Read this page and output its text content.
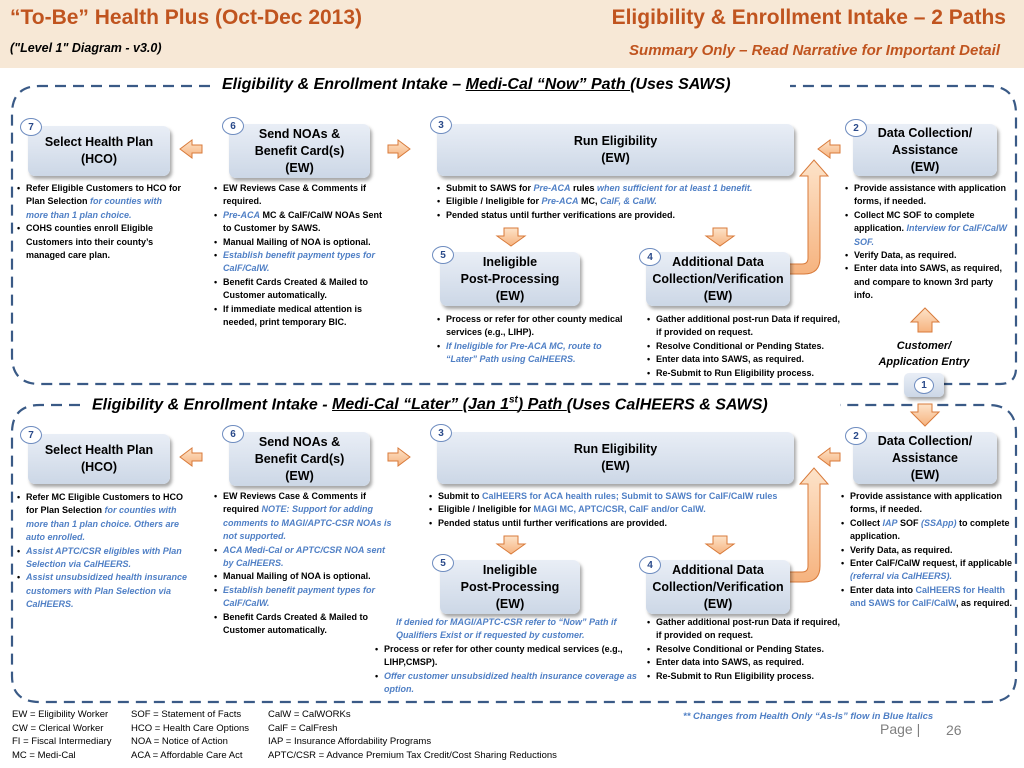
“To-Be” Health Plus (Oct-Dec 2013)
("Level 1" Diagram - v3.0)
Eligibility & Enrollment Intake – 2 Paths
Summary Only – Read Narrative for Important Detail
Eligibility & Enrollment Intake – Medi-Cal “Now” Path (Uses SAWS)
Select Health Plan
(HCO)
7	Send NOAs &
Benefit Card(s)
(EW)
6
Run Eligibility
(EW)
3
Data Collection/
Assistance
(EW)
2
Ineligible
Post-Processing
(EW)
5	Additional Data
Collection/Verification
(EW)
4
• Refer Eligible Customers to HCO for Plan Selection for counties with more than 1 plan choice.
• COHS counties enroll Eligible Customers into their county’s managed care plan.
• EW Reviews Case & Comments if required.
• Pre-ACA MC & CalF/CalW NOAs Sent to Customer by SAWS.
• Manual Mailing of NOA is optional.
• Establish benefit payment types for CalF/CalW.
• Benefit Cards Created & Mailed to Customer automatically.
• If immediate medical attention is needed, print temporary BIC.
• Submit to SAWS for Pre-ACA rules when sufficient for at least 1 benefit.
• Eligible / Ineligible for Pre-ACA MC, CalF, & CalW.
• Pended status until further verifications are provided.
• Provide assistance with application forms, if needed.
• Collect MC SOF to complete application. Interview for CalF/CalW SOF.
• Verify Data, as required.
• Enter data into SAWS, as required, and compare to known 3rd party info.
• Process or refer for other county medical services (e.g., LIHP).
• If Ineligible for Pre-ACA MC, route to “Later” Path using CalHEERS.
• Gather additional post-run Data if required, if provided on request.
• Resolve Conditional or Pending States.
• Enter data into SAWS, as required.
• Re-Submit to Run Eligibility process.
Customer/
Application Entry
1
Eligibility & Enrollment Intake - Medi-Cal “Later” (Jan 1st) Path (Uses CalHEERS & SAWS)
Select Health Plan
(HCO)
7	Send NOAs &
Benefit Card(s)
(EW)
6
Run Eligibility
(EW)
3
Data Collection/
Assistance
(EW)
2
Ineligible
Post-Processing
(EW)
5	Additional Data
Collection/Verification
(EW)
4
• Refer MC Eligible Customers to HCO for Plan Selection for counties with more than 1 plan choice. Others are auto enrolled.
• Assist APTC/CSR eligibles with Plan Selection via CalHEERS.
• Assist unsubsidized health insurance customers with Plan Selection via CalHEERS.
• EW Reviews Case & Comments if required NOTE: Support for adding comments to MAGI/APTC-CSR NOAs is not supported.
• ACA Medi-Cal or APTC/CSR NOA sent by CalHEERS.
• Manual Mailing of NOA is optional.
• Establish benefit payment types for CalF/CalW.
• Benefit Cards Created & Mailed to Customer automatically.
• Submit to CalHEERS for ACA health rules; Submit to SAWS for CalF/CalW rules
• Eligible / Ineligible for MAGI MC, APTC/CSR, CalF and/or CalW.
• Pended status until further verifications are provided.
• Provide assistance with application forms, if needed.
• Collect IAP SOF (SSApp) to complete application.
• Verify Data, as required.
• Enter CalF/CalW request, if applicable (referral via CalHEERS).
• Enter data into CalHEERS for Health and SAWS for CalF/CalW, as required.
If denied for MAGI/APTC-CSR refer to “Now” Path if Qualifiers Exist or if requested by customer.
• Process or refer for other county medical services (e.g., LIHP,CMSP).
• Offer customer unsubsidized health insurance coverage as option.
• Gather additional post-run Data if required, if provided on request.
• Resolve Conditional or Pending States.
• Enter data into SAWS, as required.
• Re-Submit to Run Eligibility process.
EW = Eligibility Worker
CW = Clerical Worker
FI = Fiscal Intermediary
MC = Medi-Cal
SOF = Statement of Facts
HCO = Health Care Options
NOA = Notice of Action
ACA = Affordable Care Act
CalW = CalWORKs
CalF = CalFresh
IAP = Insurance Affordability Programs
APTC/CSR = Advance Premium Tax Credit/Cost Sharing Reductions
** Changes from Health Only “As-Is” flow in Blue Italics
Page | 26
